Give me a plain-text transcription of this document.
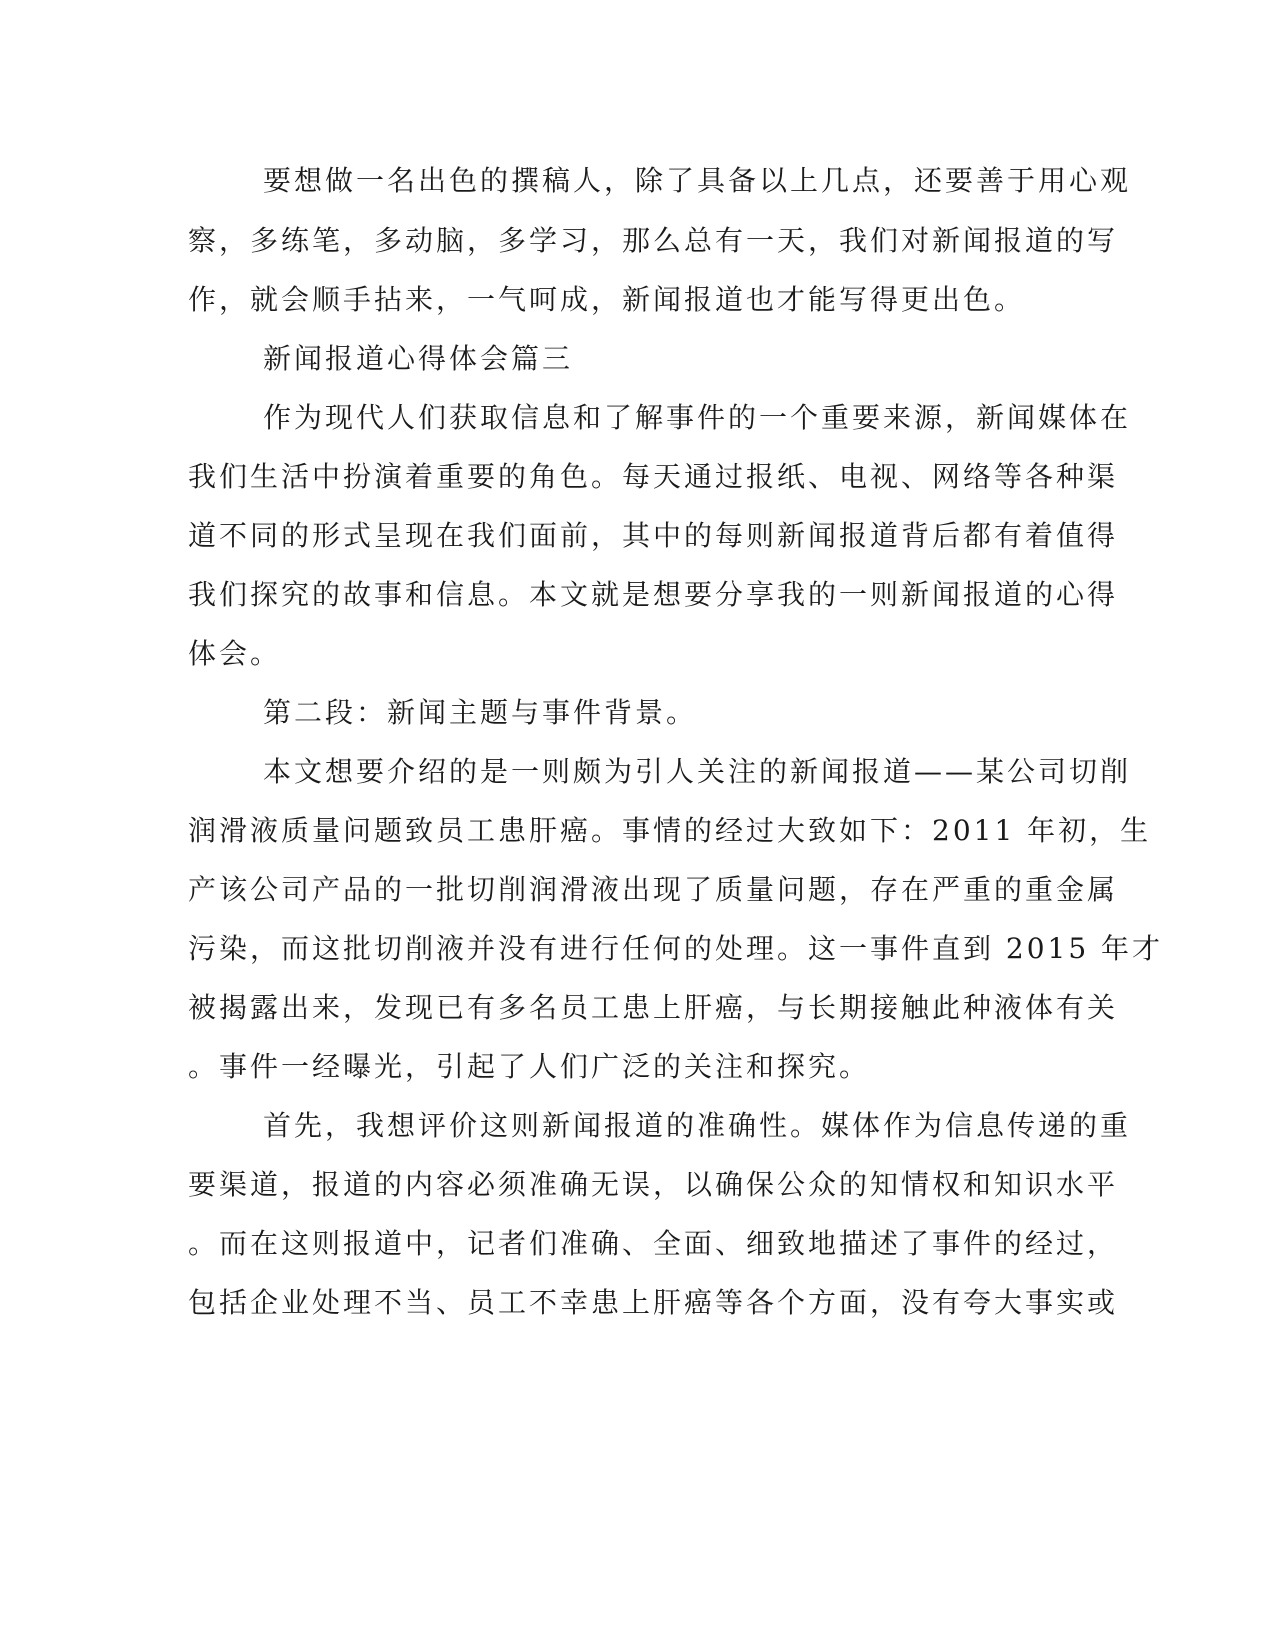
要想做一名出色的撰稿人，除了具备以上几点，还要善于用心观
察，多练笔，多动脑，多学习，那么总有一天，我们对新闻报道的写
作，就会顺手拈来，一气呵成，新闻报道也才能写得更出色。
新闻报道心得体会篇三
作为现代人们获取信息和了解事件的一个重要来源，新闻媒体在
我们生活中扮演着重要的角色。每天通过报纸、电视、网络等各种渠
道不同的形式呈现在我们面前，其中的每则新闻报道背后都有着值得
我们探究的故事和信息。本文就是想要分享我的一则新闻报道的心得
体会。
第二段：新闻主题与事件背景。
本文想要介绍的是一则颇为引人关注的新闻报道——某公司切削
润滑液质量问题致员工患肝癌。事情的经过大致如下：2011 年初，生
产该公司产品的一批切削润滑液出现了质量问题，存在严重的重金属
污染，而这批切削液并没有进行任何的处理。这一事件直到 2015 年才
被揭露出来，发现已有多名员工患上肝癌，与长期接触此种液体有关
。事件一经曝光，引起了人们广泛的关注和探究。
首先，我想评价这则新闻报道的准确性。媒体作为信息传递的重
要渠道，报道的内容必须准确无误，以确保公众的知情权和知识水平
。而在这则报道中，记者们准确、全面、细致地描述了事件的经过，
包括企业处理不当、员工不幸患上肝癌等各个方面，没有夸大事实或
